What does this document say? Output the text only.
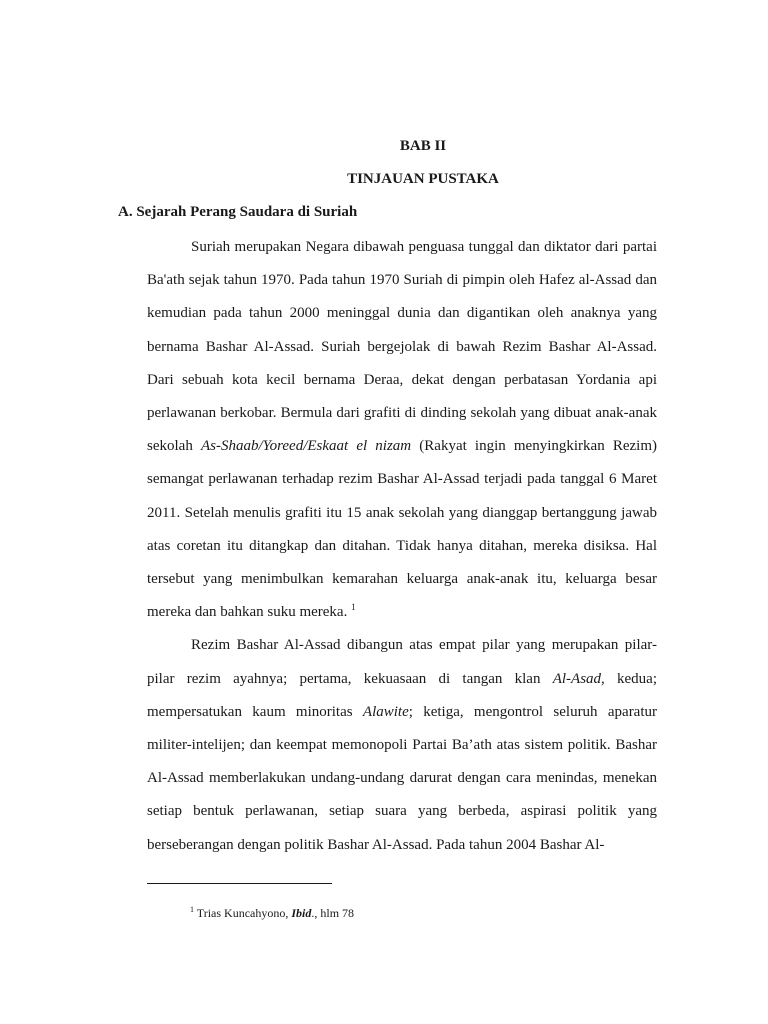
BAB II
TINJAUAN PUSTAKA
A. Sejarah Perang Saudara di Suriah

Suriah merupakan Negara dibawah penguasa tunggal dan diktator dari partai Ba'ath sejak tahun 1970. Pada tahun 1970 Suriah di pimpin oleh Hafez al-Assad dan kemudian pada tahun 2000 meninggal dunia dan digantikan oleh anaknya yang bernama Bashar Al-Assad. Suriah bergejolak di bawah Rezim Bashar Al-Assad. Dari sebuah kota kecil bernama Deraa, dekat dengan perbatasan Yordania api perlawanan berkobar. Bermula dari grafiti di dinding sekolah yang dibuat anak-anak sekolah As-Shaab/Yoreed/Eskaat el nizam (Rakyat ingin menyingkirkan Rezim) semangat perlawanan terhadap rezim Bashar Al-Assad terjadi pada tanggal 6 Maret 2011. Setelah menulis grafiti itu 15 anak sekolah yang dianggap bertanggung jawab atas coretan itu ditangkap dan ditahan. Tidak hanya ditahan, mereka disiksa. Hal tersebut yang menimbulkan kemarahan keluarga anak-anak itu, keluarga besar mereka dan bahkan suku mereka. $^1$

Rezim Bashar Al-Assad dibangun atas empat pilar yang merupakan pilar-pilar rezim ayahnya; pertama, kekuasaan di tangan klan Al-Asad, kedua; mempersatukan kaum minoritas Alawite; ketiga, mengontrol seluruh aparatur militer-intelijen; dan keempat memonopoli Partai Ba’ath atas sistem politik. Bashar Al-Assad memberlakukan undang-undang darurat dengan cara menindas, menekan setiap bentuk perlawanan, setiap suara yang berbeda, aspirasi politik yang berseberangan dengan politik Bashar Al-Assad. Pada tahun 2004 Bashar Al-

$^1$ Trias Kuncahyono, Ibid., hlm 78
